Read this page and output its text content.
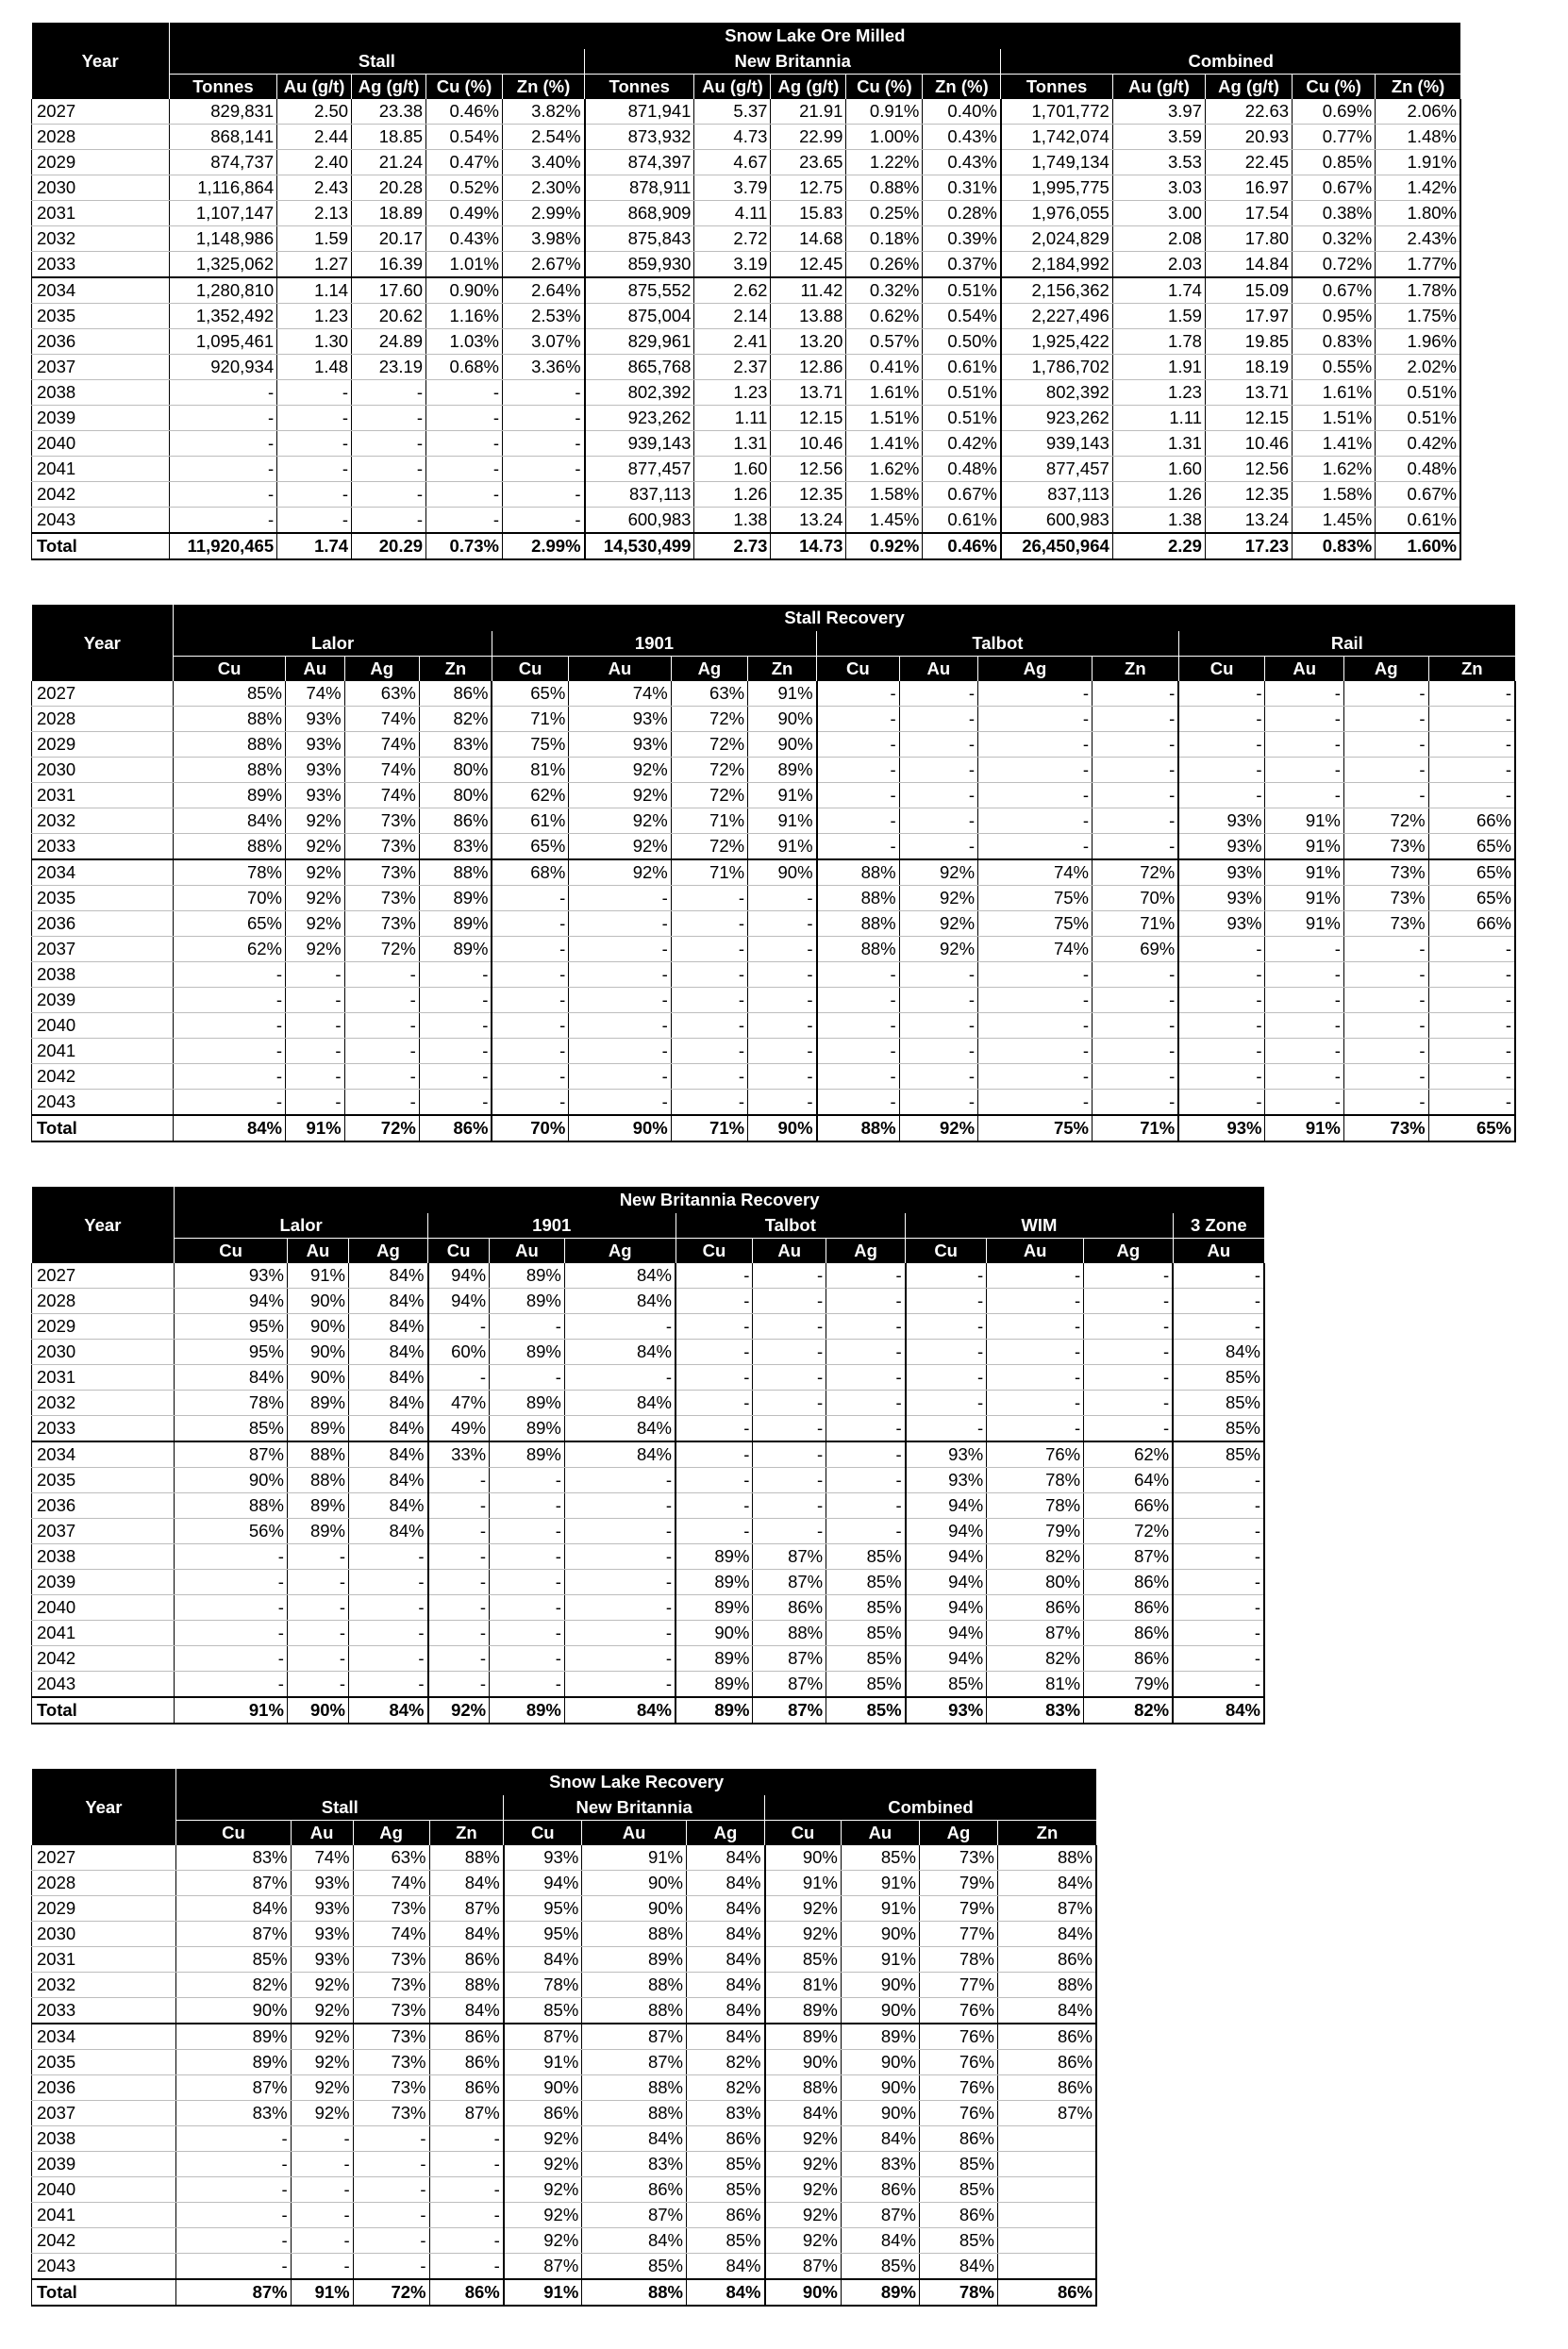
Year	Snow Lake Ore Milled														
	Stall					New Britannia					Combined				
	Tonnes	Au (g/t)	Ag (g/t)	Cu (%)	Zn (%)	Tonnes	Au (g/t)	Ag (g/t)	Cu (%)	Zn (%)	Tonnes	Au (g/t)	Ag (g/t)	Cu (%)	Zn (%)
2027	829,831	2.50	23.38	0.46%	3.82%	871,941	5.37	21.91	0.91%	0.40%	1,701,772	3.97	22.63	0.69%	2.06%
2028	868,141	2.44	18.85	0.54%	2.54%	873,932	4.73	22.99	1.00%	0.43%	1,742,074	3.59	20.93	0.77%	1.48%
2029	874,737	2.40	21.24	0.47%	3.40%	874,397	4.67	23.65	1.22%	0.43%	1,749,134	3.53	22.45	0.85%	1.91%
2030	1,116,864	2.43	20.28	0.52%	2.30%	878,911	3.79	12.75	0.88%	0.31%	1,995,775	3.03	16.97	0.67%	1.42%
2031	1,107,147	2.13	18.89	0.49%	2.99%	868,909	4.11	15.83	0.25%	0.28%	1,976,055	3.00	17.54	0.38%	1.80%
2032	1,148,986	1.59	20.17	0.43%	3.98%	875,843	2.72	14.68	0.18%	0.39%	2,024,829	2.08	17.80	0.32%	2.43%
2033	1,325,062	1.27	16.39	1.01%	2.67%	859,930	3.19	12.45	0.26%	0.37%	2,184,992	2.03	14.84	0.72%	1.77%
2034	1,280,810	1.14	17.60	0.90%	2.64%	875,552	2.62	11.42	0.32%	0.51%	2,156,362	1.74	15.09	0.67%	1.78%
2035	1,352,492	1.23	20.62	1.16%	2.53%	875,004	2.14	13.88	0.62%	0.54%	2,227,496	1.59	17.97	0.95%	1.75%
2036	1,095,461	1.30	24.89	1.03%	3.07%	829,961	2.41	13.20	0.57%	0.50%	1,925,422	1.78	19.85	0.83%	1.96%
2037	920,934	1.48	23.19	0.68%	3.36%	865,768	2.37	12.86	0.41%	0.61%	1,786,702	1.91	18.19	0.55%	2.02%
2038	-	-	-	-	-	802,392	1.23	13.71	1.61%	0.51%	802,392	1.23	13.71	1.61%	0.51%
2039	-	-	-	-	-	923,262	1.11	12.15	1.51%	0.51%	923,262	1.11	12.15	1.51%	0.51%
2040	-	-	-	-	-	939,143	1.31	10.46	1.41%	0.42%	939,143	1.31	10.46	1.41%	0.42%
2041	-	-	-	-	-	877,457	1.60	12.56	1.62%	0.48%	877,457	1.60	12.56	1.62%	0.48%
2042	-	-	-	-	-	837,113	1.26	12.35	1.58%	0.67%	837,113	1.26	12.35	1.58%	0.67%
2043	-	-	-	-	-	600,983	1.38	13.24	1.45%	0.61%	600,983	1.38	13.24	1.45%	0.61%
Total	11,920,465	1.74	20.29	0.73%	2.99%	14,530,499	2.73	14.73	0.92%	0.46%	26,450,964	2.29	17.23	0.83%	1.60%
Year	Stall Recovery															
	Lalor				1901				Talbot				Rail			
	Cu	Au	Ag	Zn	Cu	Au	Ag	Zn	Cu	Au	Ag	Zn	Cu	Au	Ag	Zn
2027	85%	74%	63%	86%	65%	74%	63%	91%	-	-	-	-	-	-	-	-
2028	88%	93%	74%	82%	71%	93%	72%	90%	-	-	-	-	-	-	-	-
2029	88%	93%	74%	83%	75%	93%	72%	90%	-	-	-	-	-	-	-	-
2030	88%	93%	74%	80%	81%	92%	72%	89%	-	-	-	-	-	-	-	-
2031	89%	93%	74%	80%	62%	92%	72%	91%	-	-	-	-	-	-	-	-
2032	84%	92%	73%	86%	61%	92%	71%	91%	-	-	-	-	93%	91%	72%	66%
2033	88%	92%	73%	83%	65%	92%	72%	91%	-	-	-	-	93%	91%	73%	65%
2034	78%	92%	73%	88%	68%	92%	71%	90%	88%	92%	74%	72%	93%	91%	73%	65%
2035	70%	92%	73%	89%	-	-	-	-	88%	92%	75%	70%	93%	91%	73%	65%
2036	65%	92%	73%	89%	-	-	-	-	88%	92%	75%	71%	93%	91%	73%	66%
2037	62%	92%	72%	89%	-	-	-	-	88%	92%	74%	69%	-	-	-	-
2038	-	-	-	-	-	-	-	-	-	-	-	-	-	-	-	-
2039	-	-	-	-	-	-	-	-	-	-	-	-	-	-	-	-
2040	-	-	-	-	-	-	-	-	-	-	-	-	-	-	-	-
2041	-	-	-	-	-	-	-	-	-	-	-	-	-	-	-	-
2042	-	-	-	-	-	-	-	-	-	-	-	-	-	-	-	-
2043	-	-	-	-	-	-	-	-	-	-	-	-	-	-	-	-
Total	84%	91%	72%	86%	70%	90%	71%	90%	88%	92%	75%	71%	93%	91%	73%	65%
Year	New Britannia Recovery												
	Lalor			1901			Talbot			WIM			3 Zone
	Cu	Au	Ag	Cu	Au	Ag	Cu	Au	Ag	Cu	Au	Ag	Au
2027	93%	91%	84%	94%	89%	84%	-	-	-	-	-	-	-
2028	94%	90%	84%	94%	89%	84%	-	-	-	-	-	-	-
2029	95%	90%	84%	-	-	-	-	-	-	-	-	-	-
2030	95%	90%	84%	60%	89%	84%	-	-	-	-	-	-	84%
2031	84%	90%	84%	-	-	-	-	-	-	-	-	-	85%
2032	78%	89%	84%	47%	89%	84%	-	-	-	-	-	-	85%
2033	85%	89%	84%	49%	89%	84%	-	-	-	-	-	-	85%
2034	87%	88%	84%	33%	89%	84%	-	-	-	93%	76%	62%	85%
2035	90%	88%	84%	-	-	-	-	-	-	93%	78%	64%	-
2036	88%	89%	84%	-	-	-	-	-	-	94%	78%	66%	-
2037	56%	89%	84%	-	-	-	-	-	-	94%	79%	72%	-
2038	-	-	-	-	-	-	89%	87%	85%	94%	82%	87%	-
2039	-	-	-	-	-	-	89%	87%	85%	94%	80%	86%	-
2040	-	-	-	-	-	-	89%	86%	85%	94%	86%	86%	-
2041	-	-	-	-	-	-	90%	88%	85%	94%	87%	86%	-
2042	-	-	-	-	-	-	89%	87%	85%	94%	82%	86%	-
2043	-	-	-	-	-	-	89%	87%	85%	85%	81%	79%	-
Total	91%	90%	84%	92%	89%	84%	89%	87%	85%	93%	83%	82%	84%
Year	Snow Lake Recovery										
	Stall				New Britannia			Combined			
	Cu	Au	Ag	Zn	Cu	Au	Ag	Cu	Au	Ag	Zn
2027	83%	74%	63%	88%	93%	91%	84%	90%	85%	73%	88%
2028	87%	93%	74%	84%	94%	90%	84%	91%	91%	79%	84%
2029	84%	93%	73%	87%	95%	90%	84%	92%	91%	79%	87%
2030	87%	93%	74%	84%	95%	88%	84%	92%	90%	77%	84%
2031	85%	93%	73%	86%	84%	89%	84%	85%	91%	78%	86%
2032	82%	92%	73%	88%	78%	88%	84%	81%	90%	77%	88%
2033	90%	92%	73%	84%	85%	88%	84%	89%	90%	76%	84%
2034	89%	92%	73%	86%	87%	87%	84%	89%	89%	76%	86%
2035	89%	92%	73%	86%	91%	87%	82%	90%	90%	76%	86%
2036	87%	92%	73%	86%	90%	88%	82%	88%	90%	76%	86%
2037	83%	92%	73%	87%	86%	88%	83%	84%	90%	76%	87%
2038	-	-	-	-	92%	84%	86%	92%	84%	86%	
2039	-	-	-	-	92%	83%	85%	92%	83%	85%	
2040	-	-	-	-	92%	86%	85%	92%	86%	85%	
2041	-	-	-	-	92%	87%	86%	92%	87%	86%	
2042	-	-	-	-	92%	84%	85%	92%	84%	85%	
2043	-	-	-	-	87%	85%	84%	87%	85%	84%	
Total	87%	91%	72%	86%	91%	88%	84%	90%	89%	78%	86%
